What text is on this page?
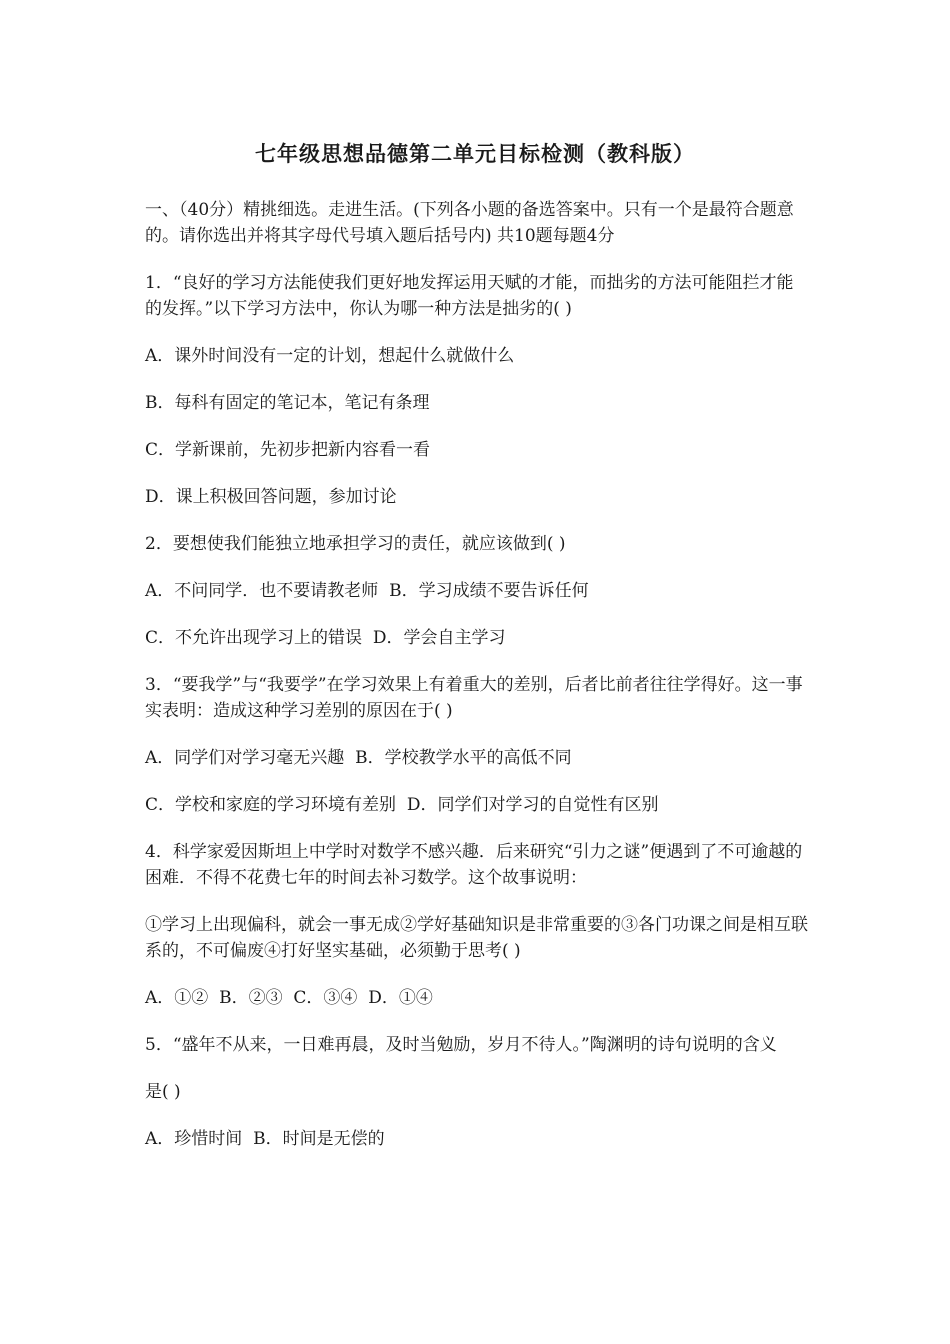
七年级思想品德第二单元目标检测（教科版）

一、（40分）精挑细选。走进生活。(下列各小题的备选答案中。只有一个是最符合题意的。请你选出并将其字母代号填入题后括号内) 共10题每题4分

1．“良好的学习方法能使我们更好地发挥运用天赋的才能，而拙劣的方法可能阻拦才能的发挥。”以下学习方法中，你认为哪一种方法是拙劣的( )

A．课外时间没有一定的计划，想起什么就做什么

B．每科有固定的笔记本，笔记有条理

C．学新课前，先初步把新内容看一看

D．课上积极回答问题，参加讨论

2．要想使我们能独立地承担学习的责任，就应该做到( )

A．不问同学．也不要请教老师  B．学习成绩不要告诉任何

C．不允许出现学习上的错误  D．学会自主学习

3．“要我学”与“我要学”在学习效果上有着重大的差别，后者比前者往往学得好。这一事实表明：造成这种学习差别的原因在于( )

A．同学们对学习毫无兴趣  B．学校教学水平的高低不同

C．学校和家庭的学习环境有差别  D．同学们对学习的自觉性有区别

4．科学家爱因斯坦上中学时对数学不感兴趣．后来研究“引力之谜”便遇到了不可逾越的困难．不得不花费七年的时间去补习数学。这个故事说明：

①学习上出现偏科，就会一事无成②学好基础知识是非常重要的③各门功课之间是相互联系的，不可偏废④打好坚实基础，必须勤于思考( )

A．①②  B．②③  C．③④  D．①④

5．“盛年不从来，一日难再晨，及时当勉励，岁月不待人。”陶渊明的诗句说明的含义

是( )

A．珍惜时间  B．时间是无偿的
